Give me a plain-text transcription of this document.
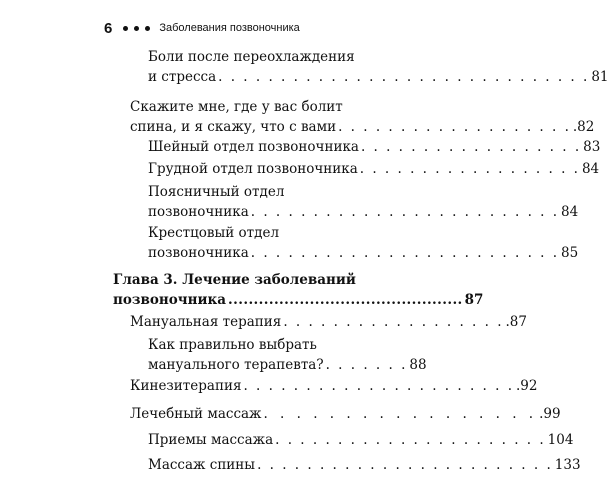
6	Заболевания позвоночника
Боли после переохлаждения
и стресса . . . . . . . . . . . . . . . . . . . . . . . . . . . . . . 81
Скажите мне, где у вас болит
спина, и я скажу, что с вами . . . . . . . . . . . . . . . . . . . .82
Шейный отдел позвоночника . . . . . . . . . . . . . . . . . . 83
Грудной отдел позвоночника . . . . . . . . . . . . . . . . . . 84
Поясничный отдел
позвоночника . . . . . . . . . . . . . . . . . . . . . . . . . 84
Крестцовый отдел
позвоночника . . . . . . . . . . . . . . . . . . . . . . . . . 85
Глава 3. Лечение заболеваний
позвоночника .............................................. 87
Мануальная терапия . . . . . . . . . . . . . . . . . . .87
Как правильно выбрать
мануального терапевта? . . . . . . . 88
Кинезитерапия . . . . . . . . . . . . . . . . . . . . . . .92
Лечебный массаж . . . . . . . . . . . . . . . . . .99
Приемы массажа . . . . . . . . . . . . . . . . . . . . . . 104
Массаж спины . . . . . . . . . . . . . . . . . . . . . . . . 133
